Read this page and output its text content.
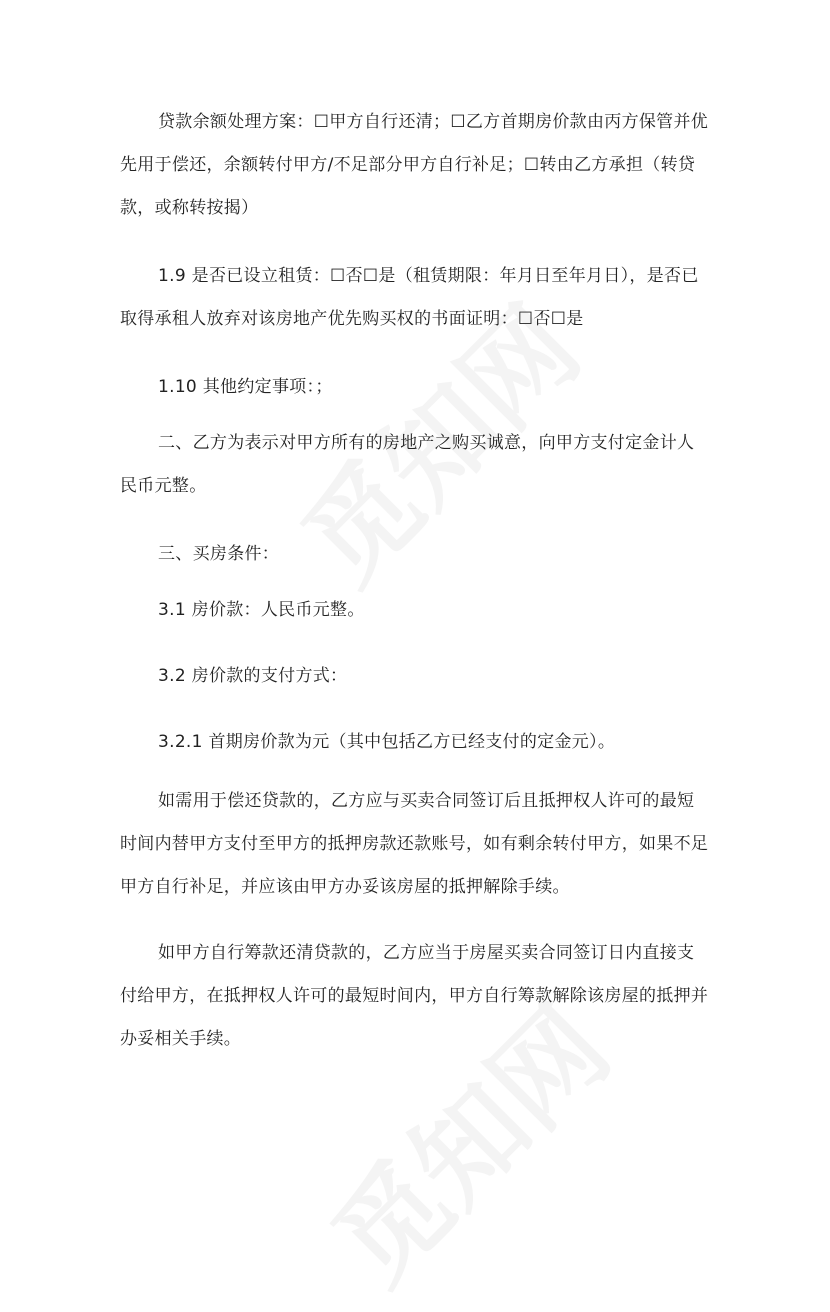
贷款余额处理方案：☐甲方自行还清；☐乙方首期房价款由丙方保管并优先用于偿还，余额转付甲方/不足部分甲方自行补足；☐转由乙方承担（转贷款，或称转按揭）

1.9 是否已设立租赁：☐否☐是（租赁期限：年月日至年月日），是否已取得承租人放弃对该房地产优先购买权的书面证明：☐否☐是

1.10 其他约定事项：；

二、乙方为表示对甲方所有的房地产之购买诚意，向甲方支付定金计人民币元整。

三、买房条件：

3.1 房价款：人民币元整。

3.2 房价款的支付方式：

3.2.1 首期房价款为元（其中包括乙方已经支付的定金元）。

如需用于偿还贷款的，乙方应与买卖合同签订后且抵押权人许可的最短时间内替甲方支付至甲方的抵押房款还款账号，如有剩余转付甲方，如果不足甲方自行补足，并应该由甲方办妥该房屋的抵押解除手续。

如甲方自行筹款还清贷款的，乙方应当于房屋买卖合同签订日内直接支付给甲方，在抵押权人许可的最短时间内，甲方自行筹款解除该房屋的抵押并办妥相关手续。
